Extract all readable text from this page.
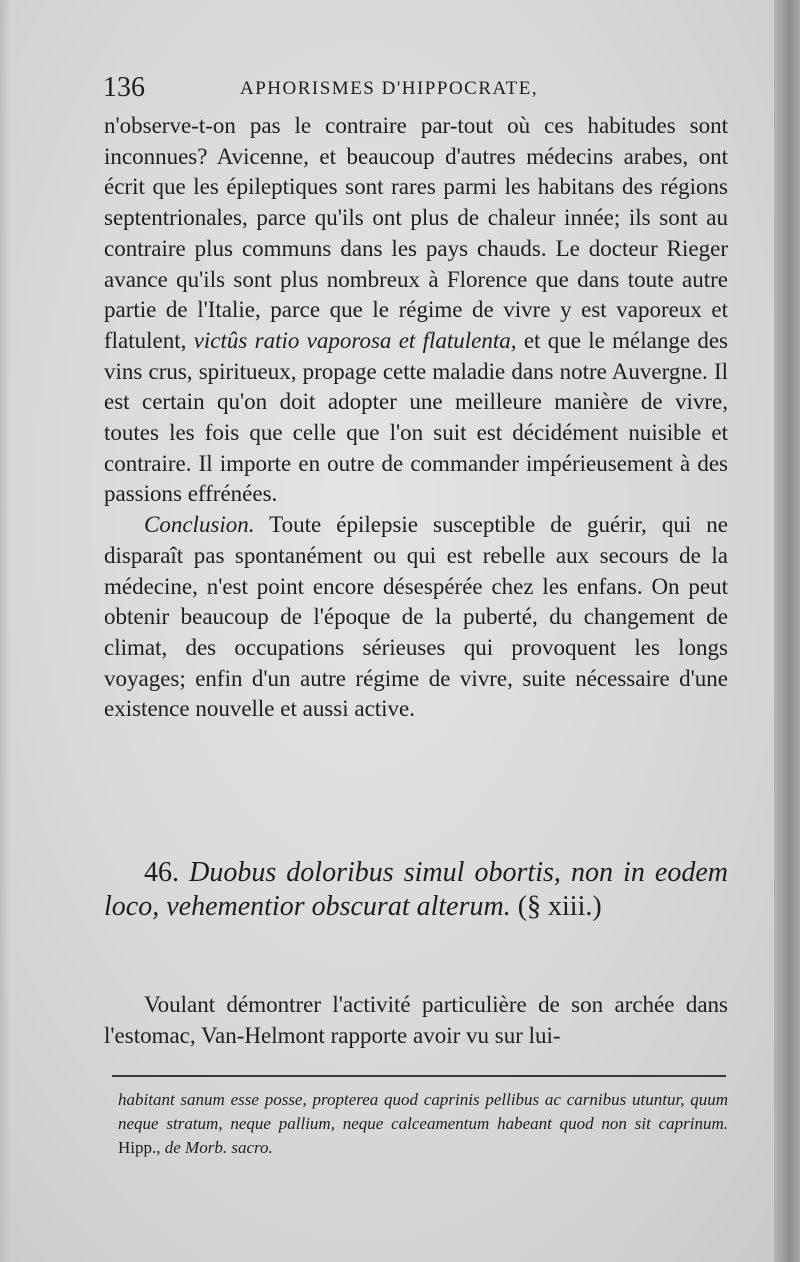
136	APHORISMES D'HIPPOCRATE,

n'observe-t-on pas le contraire par-tout où ces habitudes sont inconnues? Avicenne, et beaucoup d'autres médecins arabes, ont écrit que les épileptiques sont rares parmi les habitans des régions septentrionales, parce qu'ils ont plus de chaleur innée; ils sont au contraire plus communs dans les pays chauds. Le docteur Rieger avance qu'ils sont plus nombreux à Florence que dans toute autre partie de l'Italie, parce que le régime de vivre y est vaporeux et flatulent, victûs ratio vaporosa et flatulenta, et que le mélange des vins crus, spiritueux, propage cette maladie dans notre Auvergne. Il est certain qu'on doit adopter une meilleure manière de vivre, toutes les fois que celle que l'on suit est décidément nuisible et contraire. Il importe en outre de commander impérieusement à des passions effrénées.

Conclusion. Toute épilepsie susceptible de guérir, qui ne disparaît pas spontanément ou qui est rebelle aux secours de la médecine, n'est point encore désespérée chez les enfans. On peut obtenir beaucoup de l'époque de la puberté, du changement de climat, des occupations sérieuses qui provoquent les longs voyages; enfin d'un autre régime de vivre, suite nécessaire d'une existence nouvelle et aussi active.

46. Duobus doloribus simul obortis, non in eodem loco, vehementior obscurat alterum. (§ xiii.)

Voulant démontrer l'activité particulière de son archée dans l'estomac, Van-Helmont rapporte avoir vu sur lui-

habitant sanum esse posse, propterea quod caprinis pellibus ac carnibus utuntur, quum neque stratum, neque pallium, neque calceamentum habeant quod non sit caprinum. Hipp., de Morb. sacro.
